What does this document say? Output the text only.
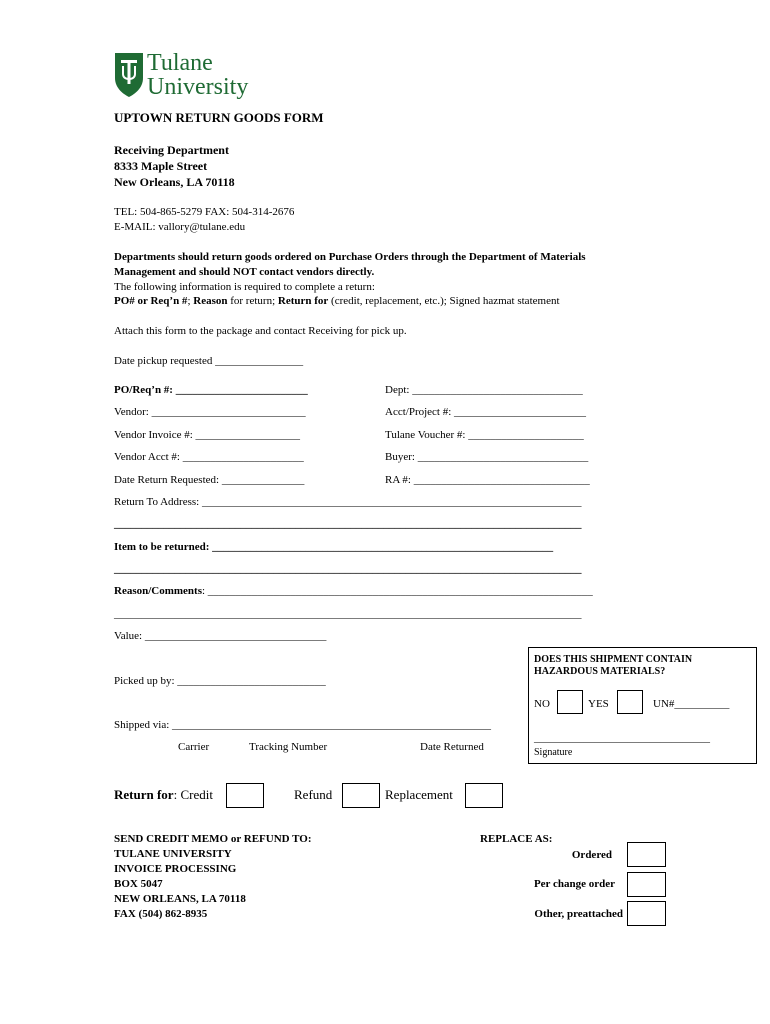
Tulane
University
UPTOWN RETURN GOODS FORM
Receiving Department
8333 Maple Street
New Orleans, LA 70118
TEL: 504-865-5279 FAX: 504-314-2676
E-MAIL: vallory@tulane.edu
Departments should return goods ordered on Purchase Orders through the Department of Materials
Management and should NOT contact vendors directly.
The following information is required to complete a return:
PO# or Req’n #; Reason for return; Return for (credit, replacement, etc.); Signed hazmat statement
Attach this form to the package and contact Receiving for pick up.
Date pickup requested ________________
PO/Req’n #: ________________________	Dept: _______________________________
Vendor: ____________________________	Acct/Project #: ________________________
Vendor Invoice #: ___________________	Tulane Voucher #: _____________________
Vendor Acct #: ______________________	Buyer: _______________________________
Date Return Requested: _______________	RA #: ________________________________
Return To Address: _____________________________________________________________________
_____________________________________________________________________________________
Item to be returned: ______________________________________________________________
_____________________________________________________________________________________
Reason/Comments: ______________________________________________________________________
_____________________________________________________________________________________
Value: _________________________________
Picked up by: ___________________________
Shipped via: __________________________________________________________
Carrier	Tracking Number	Date Returned
DOES THIS SHIPMENT CONTAIN
HAZARDOUS MATERIALS?
NO	YES	UN#__________
________________________________
Signature
Return for: Credit	Refund	Replacement
SEND CREDIT MEMO or REFUND TO:
TULANE UNIVERSITY
INVOICE PROCESSING
BOX 5047
NEW ORLEANS, LA 70118
FAX (504) 862-8935
REPLACE AS:
Ordered
Per change order
Other, preattached
